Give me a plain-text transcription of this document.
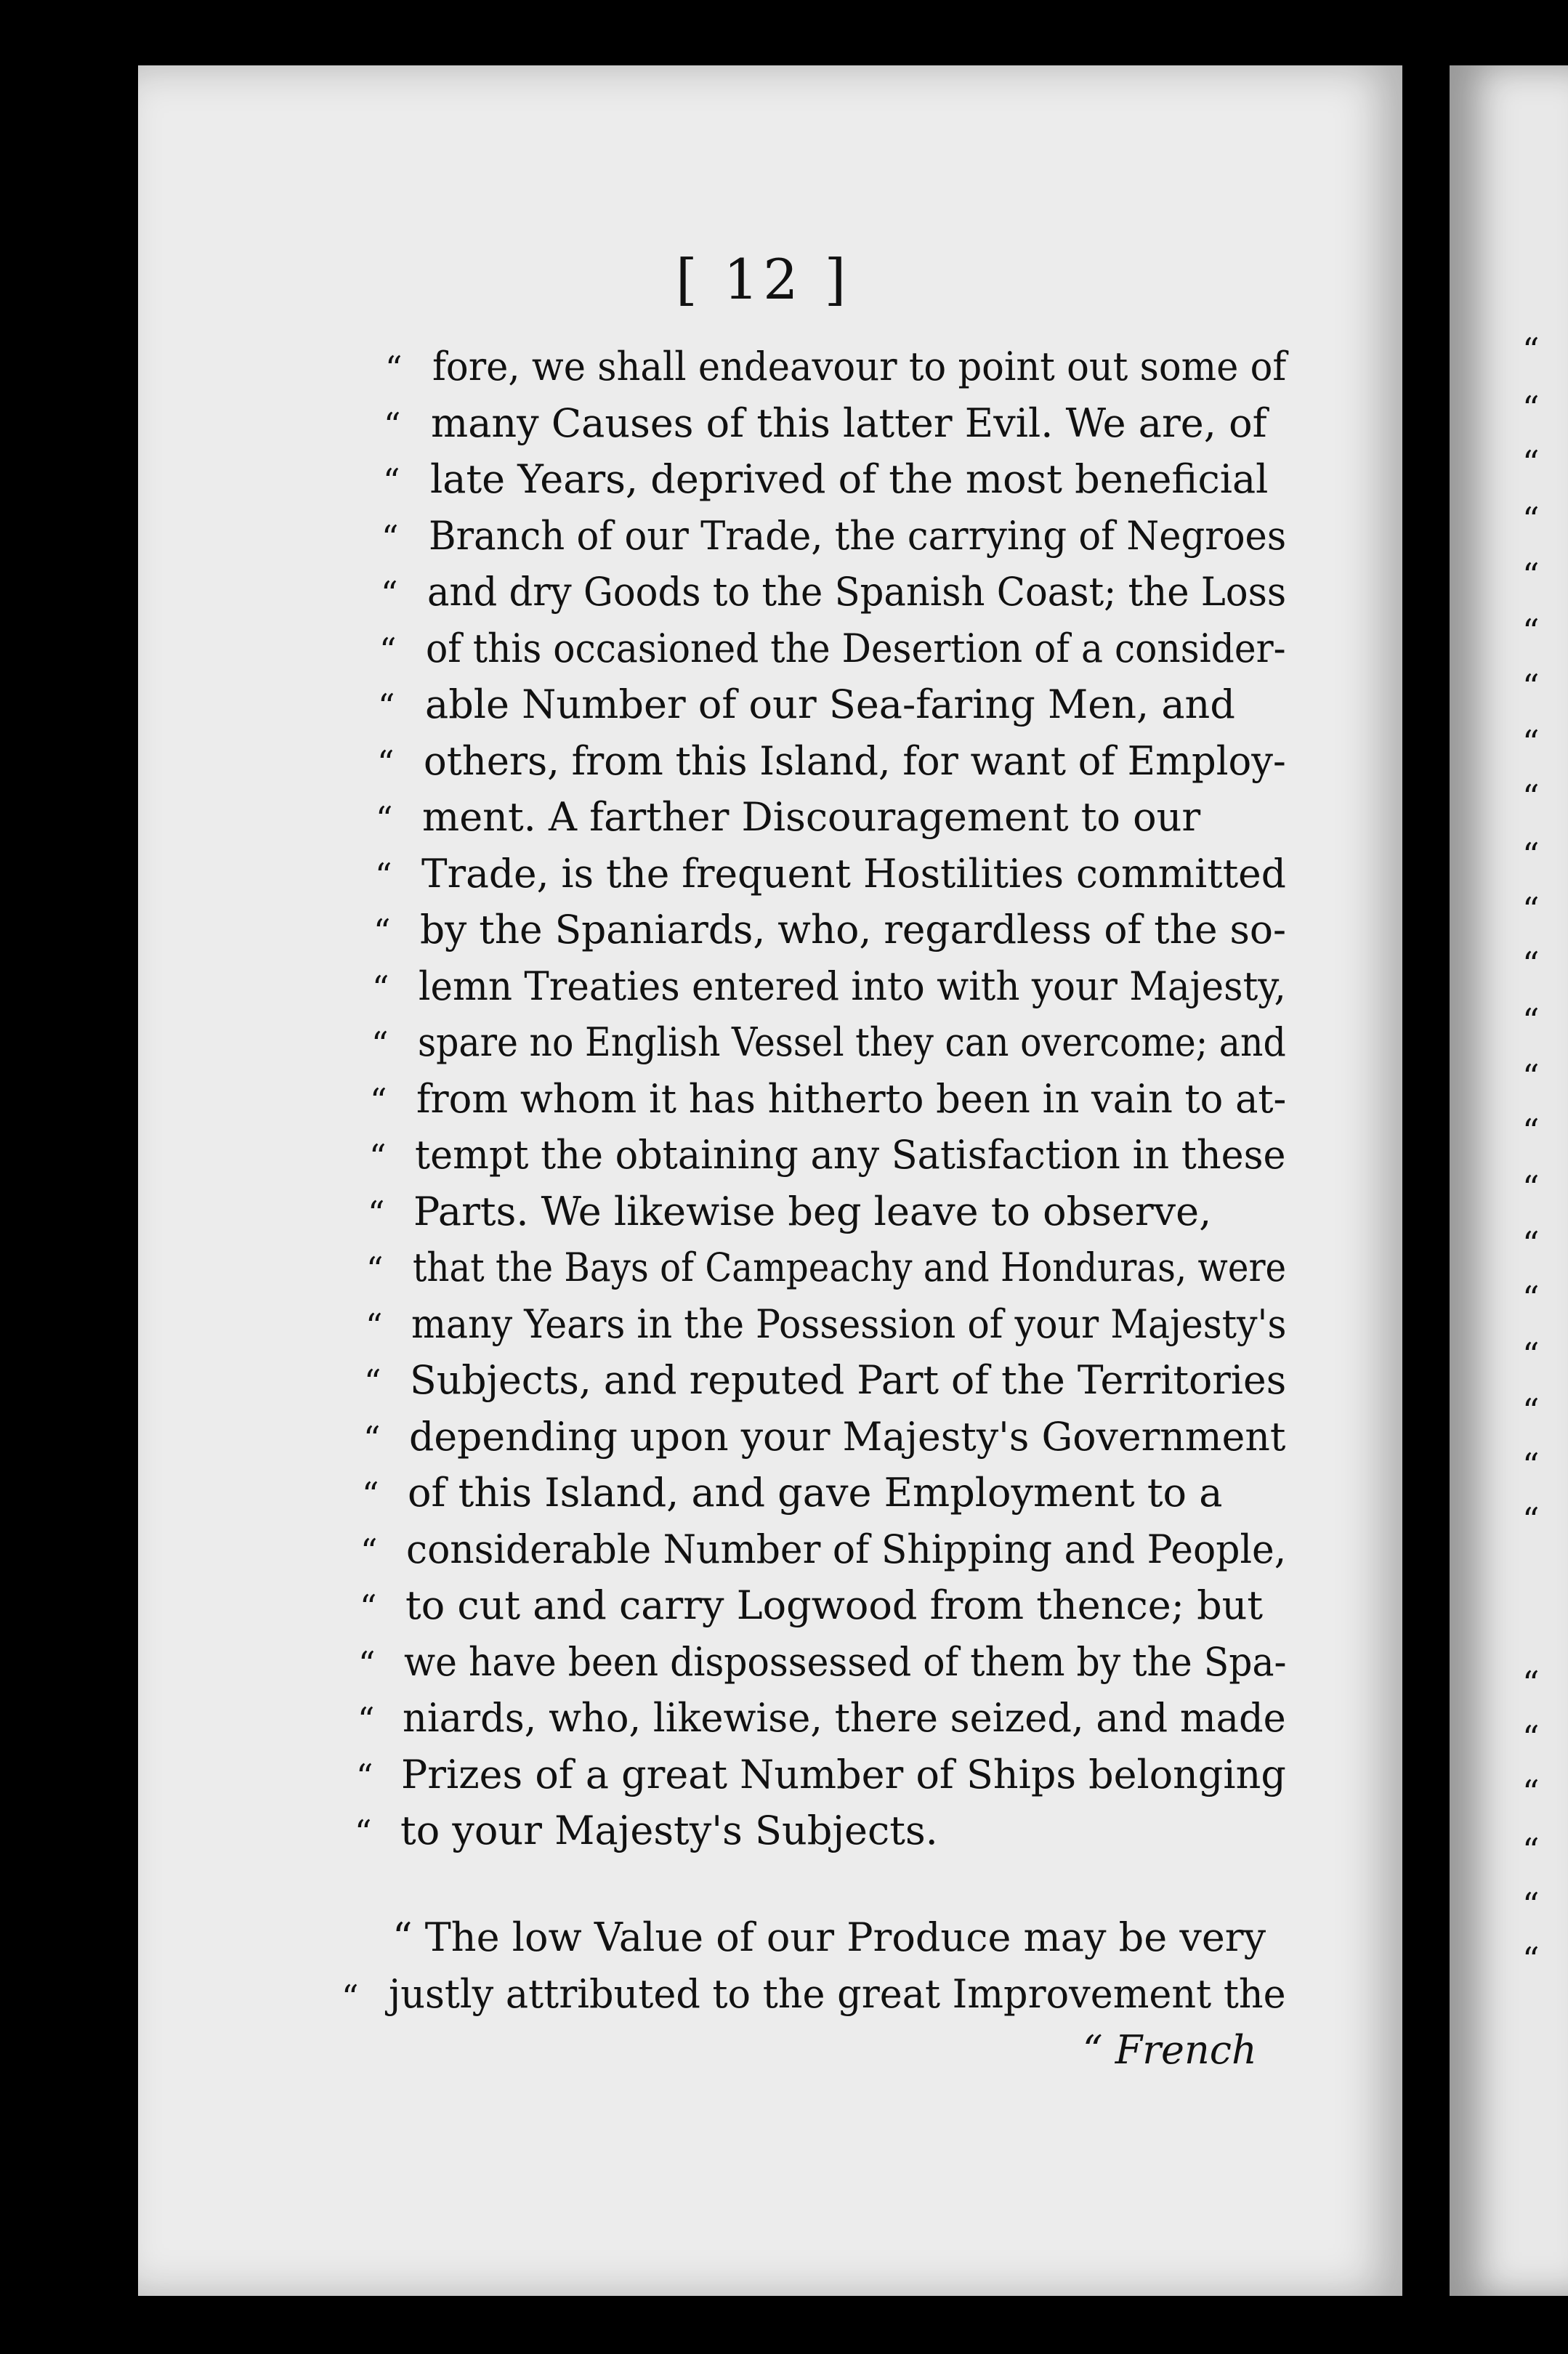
[ 12 ]
“ fore, we shall endeavour to point out some of
“ many Causes of this latter Evil. We are, of
“ late Years, deprived of the most beneficial
“ Branch of our Trade, the carrying of Negroes
“ and dry Goods to the Spanish Coast; the Loss
“ of this occasioned the Desertion of a consider-
“ able Number of our Sea-faring Men, and
“ others, from this Island, for want of Employ-
“ ment. A farther Discouragement to our
“ Trade, is the frequent Hostilities committed
“ by the Spaniards, who, regardless of the so-
“ lemn Treaties entered into with your Majesty,
“ spare no English Vessel they can overcome; and
“ from whom it has hitherto been in vain to at-
“ tempt the obtaining any Satisfaction in these
“ Parts. We likewise beg leave to observe,
“ that the Bays of Campeachy and Honduras, were
“ many Years in the Possession of your Majesty's
“ Subjects, and reputed Part of the Territories
“ depending upon your Majesty's Government
“ of this Island, and gave Employment to a
“ considerable Number of Shipping and People,
“ to cut and carry Logwood from thence; but
“ we have been dispossessed of them by the Spa-
“ niards, who, likewise, there seized, and made
“ Prizes of a great Number of Ships belonging
“ to your Majesty's Subjects.
“ The low Value of our Produce may be very
“ justly attributed to the great Improvement the
“ French
“
“
“
“
“
“
“
“
“
“
“
“
“
“
“
“
“
“
“
“
“
“
“
“
“
“
“
“
